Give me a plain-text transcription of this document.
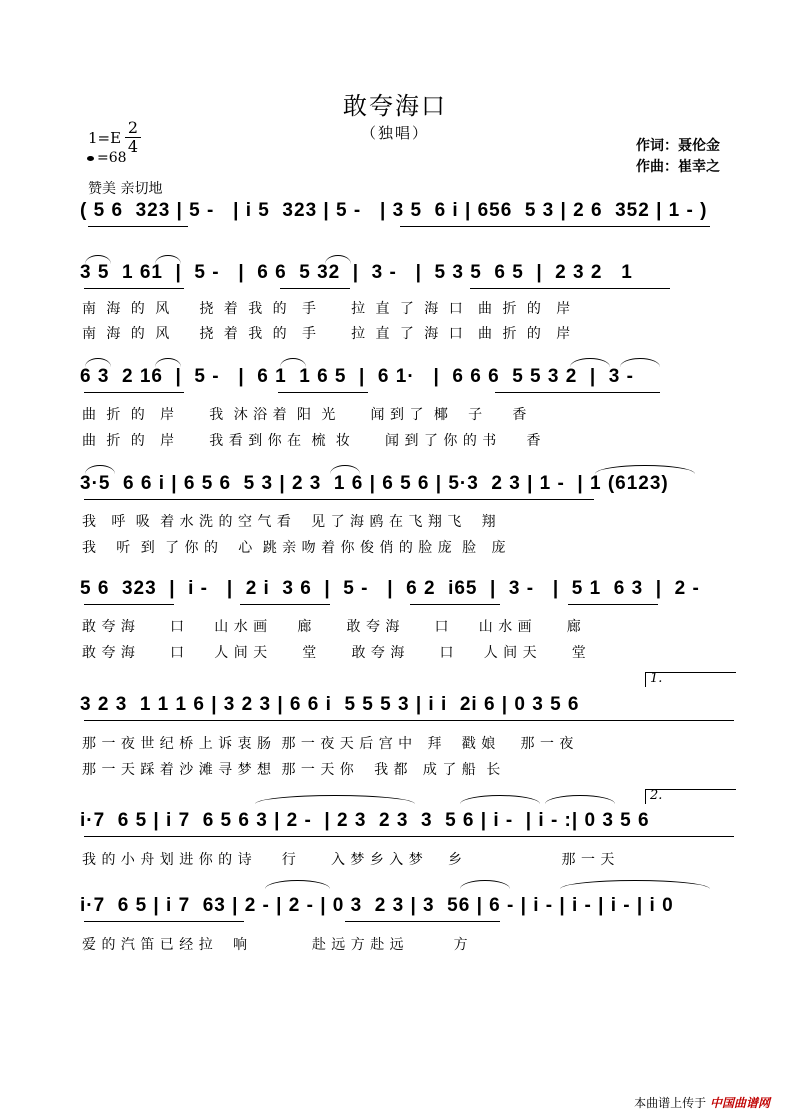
敢夸海口
（独唱）
作词：聂伦金
作曲：崔幸之
1=E
2
4
=68
赞美 亲切地
( 5 6  323 | 5 -   | i 5  323 | 5 -   | 3 5  6 i | 656  5 3 | 2 6  352 | 1 - )
3 5  1 61  |  5 -   |  6 6  5 32  |  3 -   |  5 3 5  6 5  |  2 3 2   1
南  海  的  风      挠  着  我  的   手       拉  直  了  海  口   曲  折  的   岸
南  海  的  风      挠  着  我  的   手       拉  直  了  海  口   曲  折  的   岸
6 3  2 16  |  5 -   |  6 1  1 6 5  |  6 1·   |  6 6 6  5 5 3 2  |  3 -
曲  折  的   岸       我  沐 浴 着  阳  光       闻 到 了  椰    子      香
曲  折  的   岸       我 看 到 你 在  梳  妆       闻 到 了 你 的 书      香
3·5  6 6 i | 6 5 6  5 3 | 2 3  1 6 | 6 5 6 | 5·3  2 3 | 1 -  | 1 (6123)
我   呼  吸  着 水 洗 的 空 气 看    见 了 海 鸥 在 飞 翔 飞    翔
我    听  到  了 你 的    心  跳 亲 吻 着 你 俊 俏 的 脸 庞  脸   庞
5 6  323  |  i -   |  2 i  3 6  |  5 -   |  6 2  i65  |  3 -   |  5 1  6 3  |  2 -
敢 夸 海       口      山 水 画      廊       敢 夸 海       口      山 水 画       廊
敢 夸 海       口      人 间 天       堂       敢 夸 海       口      人 间 天       堂
1.
3 2 3  1 1 1 6 | 3 2 3 | 6 6 i  5 5 5 3 | i i  2i 6 | 0 3 5 6
那 一 夜 世 纪 桥 上 诉 衷 肠  那 一 夜 天 后 宫 中   拜    戳 娘     那 一 夜
那 一 天 踩 着 沙 滩 寻 梦 想  那 一 天 你    我 都   成 了 船  长
2.
i·7  6 5 | i 7  6 5 6 3 | 2 -  | 2 3  2 3  3  5 6 | i -  | i - :| 0 3 5 6
我 的 小 舟 划 进 你 的 诗      行       入 梦 乡 入 梦     乡                    那 一 天
i·7  6 5 | i 7  63 | 2 - | 2 - | 0 3  2 3 | 3  56 | 6 - | i - | i - | i - | i 0
爱 的 汽 笛 已 经 拉    响             赴 远 方 赴 远          方
本曲谱上传于 中国曲谱网
